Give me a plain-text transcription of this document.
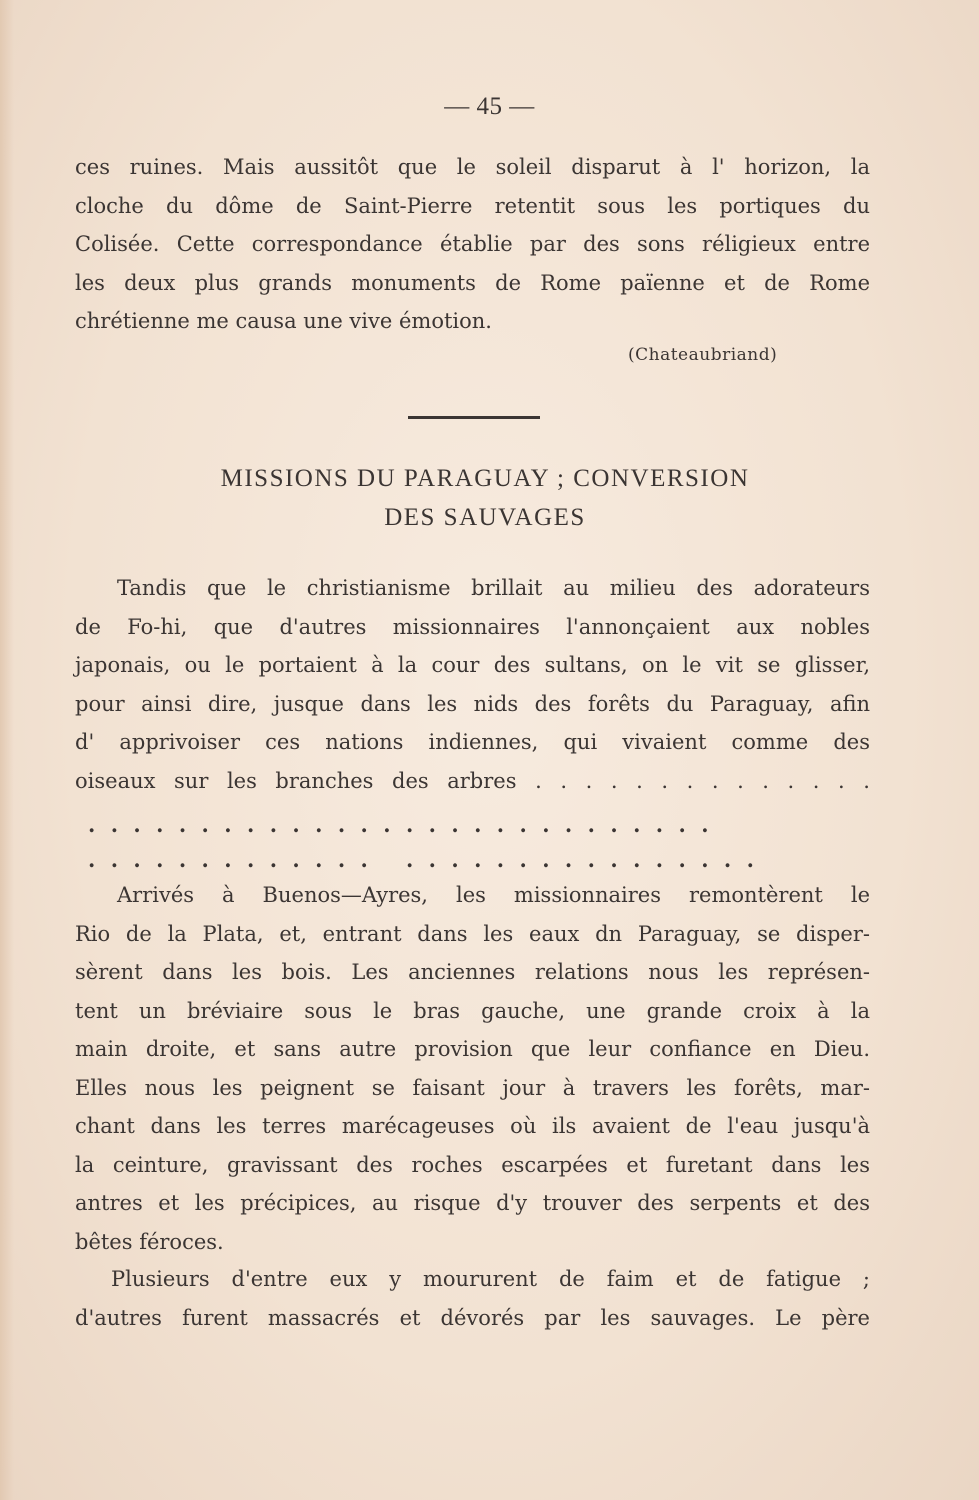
— 45 —
ces ruines. Mais aussitôt que le soleil disparut à l' horizon, la
cloche du dôme de Saint-Pierre retentit sous les portiques du
Colisée. Cette correspondance établie par des sons réligieux entre
les deux plus grands monuments de Rome païenne et de Rome
chrétienne me causa une vive émotion.
(Chateaubriand)
MISSIONS DU PARAGUAY ; CONVERSION
DES SAUVAGES
Tandis que le christianisme brillait au milieu des adorateurs
de Fo-hi, que d'autres missionnaires l'annonçaient aux nobles
japonais, ou le portaient à la cour des sultans, on le vit se glisser,
pour ainsi dire, jusque dans les nids des forêts du Paraguay, afin
d' apprivoiser ces nations indiennes, qui vivaient comme des
oiseaux sur les branches des arbres . . . . . . . . . . . . . .
............................
............. ................
Arrivés à Buenos—Ayres, les missionnaires remontèrent le
Rio de la Plata, et, entrant dans les eaux dn Paraguay, se disper-
sèrent dans les bois. Les anciennes relations nous les représen-
tent un bréviaire sous le bras gauche, une grande croix à la
main droite, et sans autre provision que leur confiance en Dieu.
Elles nous les peignent se faisant jour à travers les forêts, mar-
chant dans les terres marécageuses où ils avaient de l'eau jusqu'à
la ceinture, gravissant des roches escarpées et furetant dans les
antres et les précipices, au risque d'y trouver des serpents et des
bêtes féroces.
Plusieurs d'entre eux y moururent de faim et de fatigue ;
d'autres furent massacrés et dévorés par les sauvages. Le père
